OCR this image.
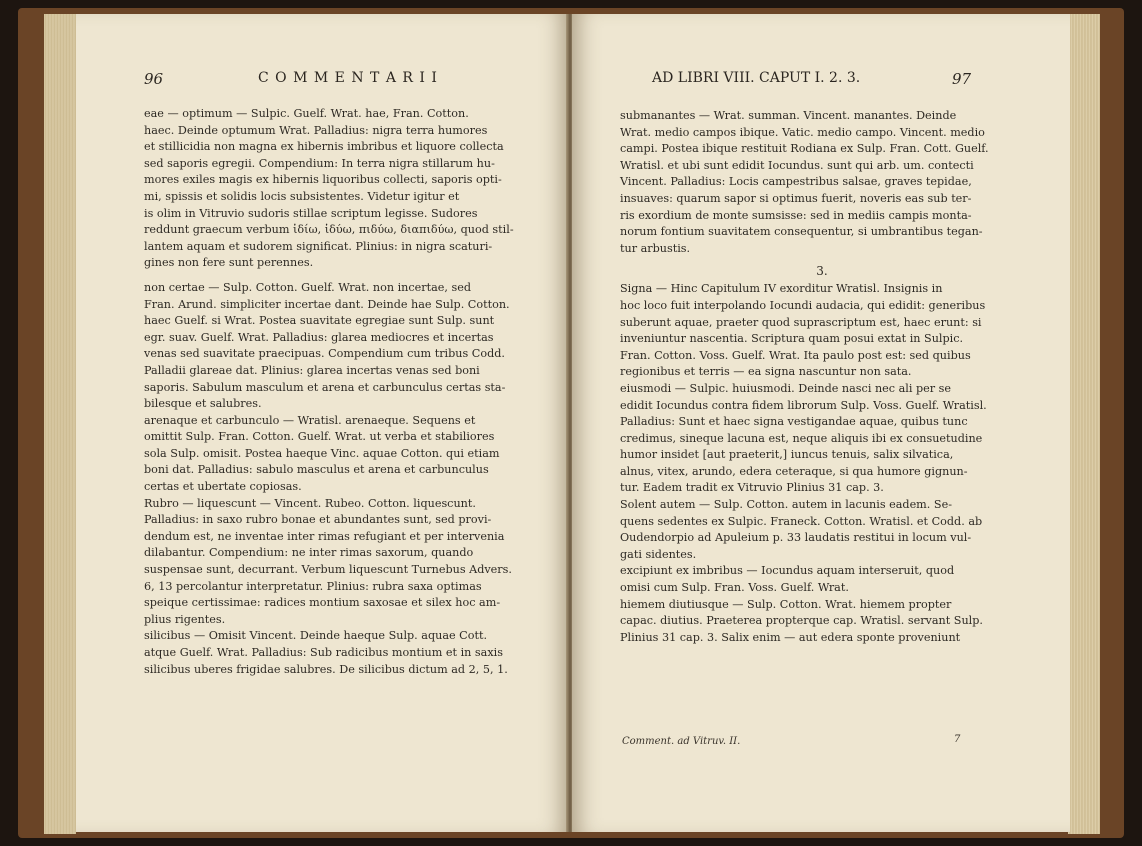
96	C O M M E N T A R I I
eae — optimum — Sulpic. Guelf. Wrat. hae, Fran. Cotton.
haec. Deinde optumum Wrat. Palladius: nigra terra humores
et stillicidia non magna ex hibernis imbribus et liquore collecta
sed saporis egregii. Compendium: In terra nigra stillarum hu-
mores exiles magis ex hibernis liquoribus collecti, saporis opti-
mi, spissis et solidis locis subsistentes. Videtur igitur et
is olim in Vitruvio sudoris stillae scriptum legisse. Sudores
reddunt graecum verbum ἱδίω, ἱδύω, πιδύω, διαπιδύω, quod stil-
lantem aquam et sudorem significat. Plinius: in nigra scaturi-
gines non fere sunt perennes.
non certae — Sulp. Cotton. Guelf. Wrat. non incertae, sed
Fran. Arund. simpliciter incertae dant. Deinde hae Sulp. Cotton.
haec Guelf. si Wrat. Postea suavitate egregiae sunt Sulp. sunt
egr. suav. Guelf. Wrat. Palladius: glarea mediocres et incertas
venas sed suavitate praecipuas. Compendium cum tribus Codd.
Palladii glareae dat. Plinius: glarea incertas venas sed boni
saporis. Sabulum masculum et arena et carbunculus certas sta-
bilesque et salubres.
arenaque et carbunculo — Wratisl. arenaeque. Sequens et
omittit Sulp. Fran. Cotton. Guelf. Wrat. ut verba et stabiliores
sola Sulp. omisit. Postea haeque Vinc. aquae Cotton. qui etiam
boni dat. Palladius: sabulo masculus et arena et carbunculus
certas et ubertate copiosas.
Rubro — liquescunt — Vincent. Rubeo. Cotton. liquescunt.
Palladius: in saxo rubro bonae et abundantes sunt, sed provi-
dendum est, ne inventae inter rimas refugiant et per intervenia
dilabantur. Compendium: ne inter rimas saxorum, quando
suspensae sunt, decurrant. Verbum liquescunt Turnebus Advers.
6, 13 percolantur interpretatur. Plinius: rubra saxa optimas
speique certissimae: radices montium saxosae et silex hoc am-
plius rigentes.
silicibus — Omisit Vincent. Deinde haeque Sulp. aquae Cott.
atque Guelf. Wrat. Palladius: Sub radicibus montium et in saxis
silicibus uberes frigidae salubres. De silicibus dictum ad 2, 5, 1.
AD LIBRI VIII. CAPUT I. 2. 3.	97
submanantes — Wrat. summan. Vincent. manantes. Deinde
Wrat. medio campos ibique. Vatic. medio campo. Vincent. medio
campi. Postea ibique restituit Rodiana ex Sulp. Fran. Cott. Guelf.
Wratisl. et ubi sunt edidit Iocundus. sunt qui arb. um. contecti
Vincent. Palladius: Locis campestribus salsae, graves tepidae,
insuaves: quarum sapor si optimus fuerit, noveris eas sub ter-
ris exordium de monte sumsisse: sed in mediis campis monta-
norum fontium suavitatem consequentur, si umbrantibus tegan-
tur arbustis.
3.
Signa — Hinc Capitulum IV exorditur Wratisl. Insignis in
hoc loco fuit interpolando Iocundi audacia, qui edidit: generibus
suberunt aquae, praeter quod suprascriptum est, haec erunt: si
inveniuntur nascentia. Scriptura quam posui extat in Sulpic.
Fran. Cotton. Voss. Guelf. Wrat. Ita paulo post est: sed quibus
regionibus et terris — ea signa nascuntur non sata.
eiusmodi — Sulpic. huiusmodi. Deinde nasci nec ali per se
edidit Iocundus contra fidem librorum Sulp. Voss. Guelf. Wratisl.
Palladius: Sunt et haec signa vestigandae aquae, quibus tunc
credimus, sineque lacuna est, neque aliquis ibi ex consuetudine
humor insidet [aut praeterit,] iuncus tenuis, salix silvatica,
alnus, vitex, arundo, edera ceteraque, si qua humore gignun-
tur. Eadem tradit ex Vitruvio Plinius 31 cap. 3.
Solent autem — Sulp. Cotton. autem in lacunis eadem. Se-
quens sedentes ex Sulpic. Franeck. Cotton. Wratisl. et Codd. ab
Oudendorpio ad Apuleium p. 33 laudatis restitui in locum vul-
gati sidentes.
excipiunt ex imbribus — Iocundus aquam interseruit, quod
omisi cum Sulp. Fran. Voss. Guelf. Wrat.
hiemem diutiusque — Sulp. Cotton. Wrat. hiemem propter
capac. diutius. Praeterea propterque cap. Wratisl. servant Sulp.
Plinius 31 cap. 3. Salix enim — aut edera sponte proveniunt
Comment. ad Vitruv. II.	7
